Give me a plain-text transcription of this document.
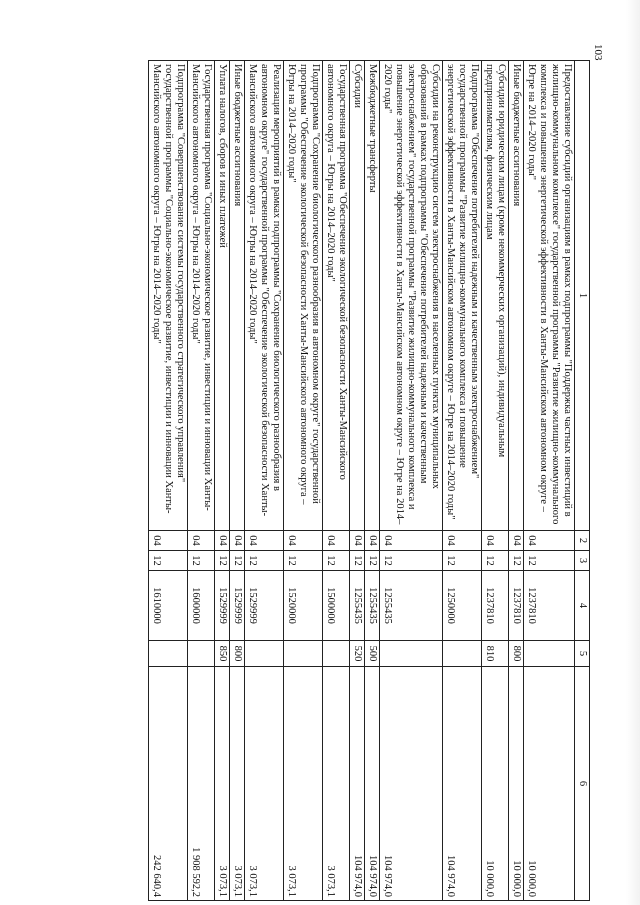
103
1	2	3	4	5	6
Предоставление субсидий организациям в рамках подпрограммы "Поддержка частных инвестиций в жилищно-коммунальном комплексе" государственной программы "Развитие жилищно-коммунального комплекса и повышение энергетической эффективности в Ханты-Мансийском автономном округе – Югре на 2014–2020 годы"	04	12	1237810		10 000,0
Иные бюджетные ассигнования	04	12	1237810	800	10 000,0
Субсидии юридическим лицам (кроме некоммерческих организаций), индивидуальным предпринимателям, физическим лицам	04	12	1237810	810	10 000,0
Подпрограмма "Обеспечение потребителей надежным и качественным электроснабжением" государственной программы "Развитие жилищно-коммунального комплекса и повышение энергетической эффективности в Ханты-Мансийском автономном округе – Югре на 2014–2020 годы"	04	12	1250000		104 974,0
Субсидии на реконструкцию систем электроснабжения в населенных пунктах муниципальных образований в рамках подпрограммы "Обеспечение потребителей надежным и качественным электроснабжением" государственной программы "Развитие жилищно-коммунального комплекса и повышение энергетической эффективности в Ханты-Мансийском автономном округе – Югре на 2014–2020 годы"	04	12	1255435		104 974,0
Межбюджетные трансферты	04	12	1255435	500	104 974,0
Субсидии	04	12	1255435	520	104 974,0
Государственная программа "Обеспечение экологической безопасности Ханты-Мансийского автономного округа – Югры на 2014–2020 годы"	04	12	1500000		3 073,1
Подпрограмма "Сохранение биологического разнообразия в автономном округе" государственной программы "Обеспечение экологической безопасности Ханты-Мансийского автономного округа – Югры на 2014–2020 годы"	04	12	1520000		3 073,1
Реализация мероприятий в рамках подпрограммы "Сохранение биологического разнообразия в автономном округе" государственной программы "Обеспечение экологической безопасности Ханты-Мансийского автономного округа – Югры на 2014–2020 годы"	04	12	1529999		3 073,1
Иные бюджетные ассигнования	04	12	1529999	800	3 073,1
Уплата налогов, сборов и иных платежей	04	12	1529999	850	3 073,1
Государственная программа "Социально-экономическое развитие, инвестиции и инновации Ханты-Мансийского автономного округа – Югры на 2014–2020 годы"	04	12	1600000		1 908 592,2
Подпрограмма "Совершенствование системы государственного стратегического управления" государственной программы "Социально-экономическое развитие, инвестиции и инновации Ханты-Мансийского автономного округа – Югры на 2014–2020 годы"	04	12	1610000		242 640,4
